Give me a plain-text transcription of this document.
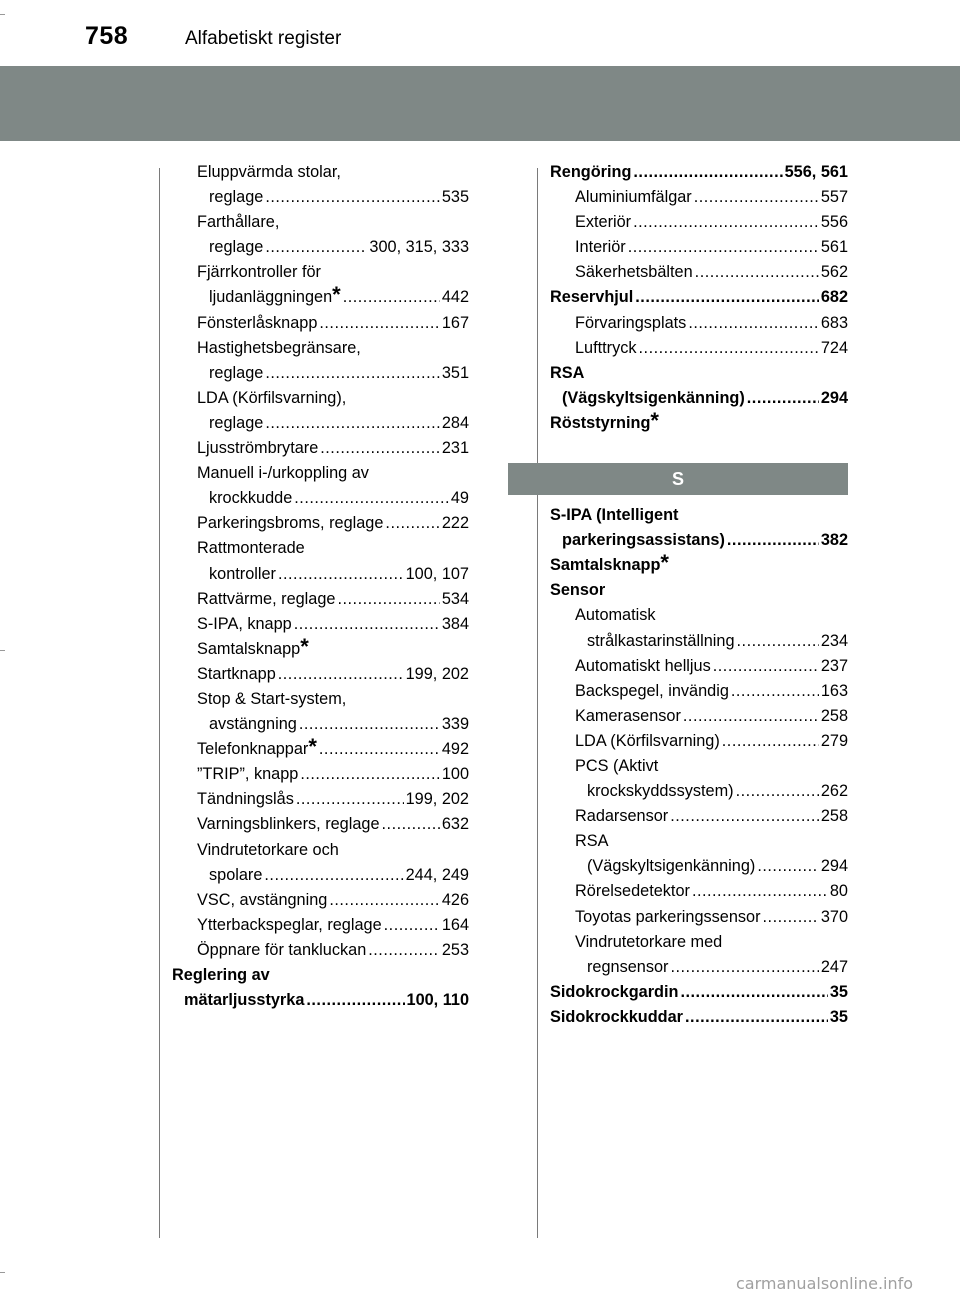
758	Alfabetiskt register
Eluppvärmda stolar,
reglage .....	535
Farthållare,
reglage .....	300, 315, 333
Fjärrkontroller för
ljudanläggningen * .....	442
Fönsterlåsknapp .....	167
Hastighetsbegränsare,
reglage .....	351
LDA (Körfilsvarning),
reglage .....	284
Ljusströmbrytare .....	231
Manuell i-/urkoppling av
krockkudde .....	49
Parkeringsbroms, reglage .....	222
Rattmonterade
kontroller .....	100, 107
Rattvärme, reglage .....	534
S-IPA, knapp .....	384
Samtalsknapp *
Startknapp .....	199, 202
Stop & Start-system,
avstängning .....	339
Telefonknappar * .....	492
”TRIP”, knapp .....	100
Tändningslås .....	199, 202
Varningsblinkers, reglage .....	632
Vindrutetorkare och
spolare .....	244, 249
VSC, avstängning .....	426
Ytterbackspeglar, reglage .....	164
Öppnare för tankluckan .....	253
Reglering av
mätarljusstyrka .....	100, 110
Rengöring .....	556, 561
Aluminiumfälgar .....	557
Exteriör .....	556
Interiör .....	561
Säkerhetsbälten .....	562
Reservhjul .....	682
Förvaringsplats .....	683
Lufttryck .....	724
RSA
(Vägskyltsigenkänning) .....	294
Röststyrning *
S
S-IPA (Intelligent
parkeringsassistans) .....	382
Samtalsknapp *
Sensor
Automatisk
strålkastarinställning .....	234
Automatiskt helljus .....	237
Backspegel, invändig .....	163
Kamerasensor .....	258
LDA (Körfilsvarning) .....	279
PCS (Aktivt
krockskyddssystem) .....	262
Radarsensor .....	258
RSA
(Vägskyltsigenkänning) .....	294
Rörelsedetektor .....	80
Toyotas parkeringssensor .....	370
Vindrutetorkare med
regnsensor .....	247
Sidokrockgardin .....	35
Sidokrockkuddar .....	35
carmanualsonline.info
